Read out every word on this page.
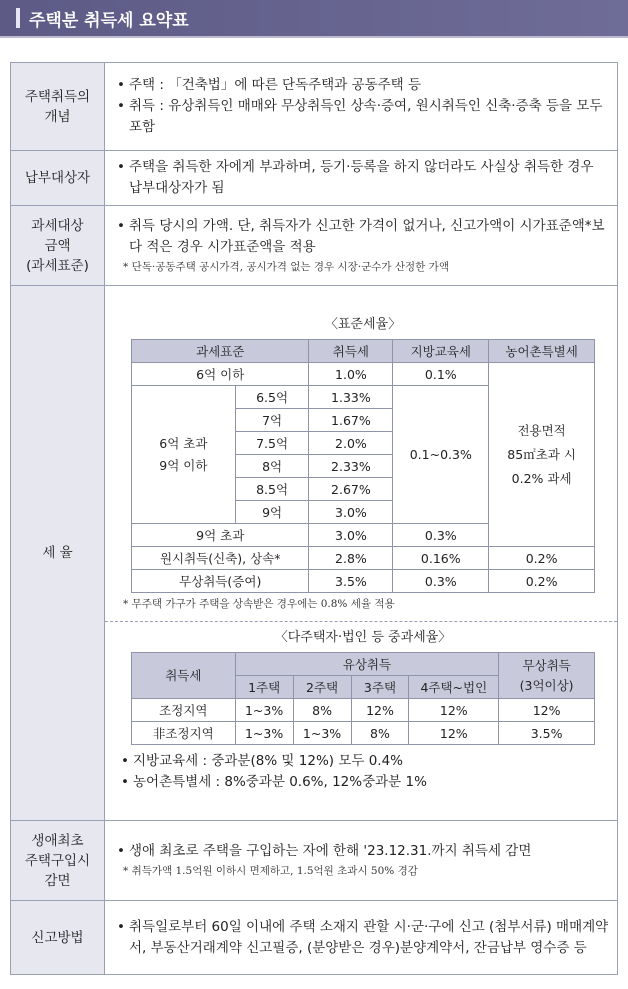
주택분 취득세 요약표
주택취득의
개념

• 주택 : 「건축법」에 따른 단독주택과 공동주택 등
• 취득 : 유상취득인 매매와 무상취득인 상속·증여, 원시취득인 신축·증축 등을 모두 포함

납부대상자

• 주택을 취득한 자에게 부과하며, 등기·등록을 하지 않더라도 사실상 취득한 경우 납부대상자가 됨

과세대상
금액
(과세표준)

• 취득 당시의 가액. 단, 취득자가 신고한 가격이 없거나, 신고가액이 시가표준액*보다 적은 경우 시가표준액을 적용
* 단독·공동주택 공시가격, 공시가격 없는 경우 시장·군수가 산정한 가액

세 율

〈표준세율〉
과세표준	취득세	지방교육세	농어촌특별세
6억 이하	1.0%	0.1%	
전용면적
85㎡초과 시
0.2% 과세

6억 초과
9억 이하
	6.5억	1.33%	0.1~0.3%
7억	1.67%
7.5억	2.0%
8억	2.33%
8.5억	2.67%
9억	3.0%
9억 초과	3.0%	0.3%
원시취득(신축), 상속*	2.8%	0.16%	0.2%
무상취득(증여)	3.5%	0.3%	0.2%
* 무주택 가구가 주택을 상속받은 경우에는 0.8% 세율 적용
〈다주택자·법인 등 중과세율〉
취득세	유상취득	무상취득
(3억이상)

1주택	2주택	3주택	4주택~법인
조정지역	1~3%	8%	12%	12%	12%
非조정지역	1~3%	1~3%	8%	12%	3.5%
• 지방교육세 : 중과분(8% 및 12%) 모두 0.4%
• 농어촌특별세 : 8%중과분 0.6%, 12%중과분 1%

생애최초
주택구입시
감면

• 생애 최초로 주택을 구입하는 자에 한해 '23.12.31.까지 취득세 감면
* 취득가액 1.5억원 이하시 면제하고, 1.5억원 초과시 50% 경감

신고방법

• 취득일로부터 60일 이내에 주택 소재지 관할 시·군·구에 신고 (첨부서류) 매매계약서, 부동산거래계약 신고필증, (분양받은 경우)분양계약서, 잔금납부 영수증 등
